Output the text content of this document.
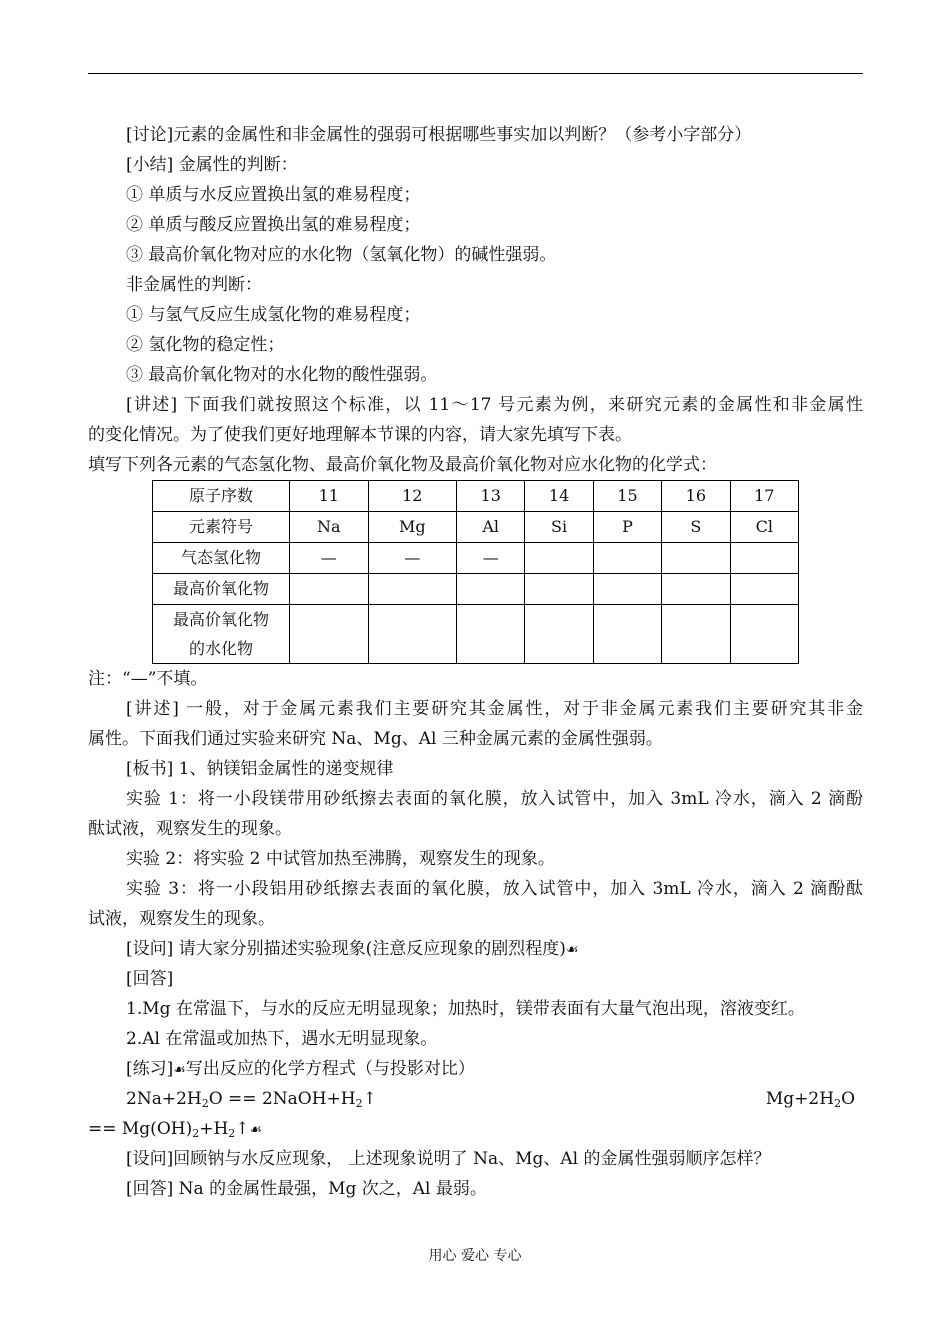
[讨论]元素的金属性和非金属性的强弱可根据哪些事实加以判断？（参考小字部分）
[小结] 金属性的判断：
① 单质与水反应置换出氢的难易程度；
② 单质与酸反应置换出氢的难易程度；
③ 最高价氧化物对应的水化物（氢氧化物）的碱性强弱。
非金属性的判断：
① 与氢气反应生成氢化物的难易程度；
② 氢化物的稳定性；
③ 最高价氧化物对的水化物的酸性强弱。
[讲述] 下面我们就按照这个标准，以 11～17 号元素为例，来研究元素的金属性和非金属性
的变化情况。为了使我们更好地理解本节课的内容，请大家先填写下表。
填写下列各元素的气态氢化物、最高价氧化物及最高价氧化物对应水化物的化学式：
原子序数	11	12	13	14	15	16	17
元素符号	Na	Mg	Al	Si	P	S	Cl
气态氢化物	—	—	—				
最高价氧化物							

最高价氧化物
的水化物							

注：“—”不填。
[讲述] 一般，对于金属元素我们主要研究其金属性，对于非金属元素我们主要研究其非金
属性。下面我们通过实验来研究 Na、Mg、Al 三种金属元素的金属性强弱。
[板书] 1、钠镁铝金属性的递变规律
实验 1：将一小段镁带用砂纸擦去表面的氧化膜，放入试管中，加入 3mL 冷水，滴入 2 滴酚
酞试液，观察发生的现象。
实验 2：将实验 2 中试管加热至沸腾，观察发生的现象。
实验 3：将一小段铝用砂纸擦去表面的氧化膜，放入试管中，加入 3mL 冷水，滴入 2 滴酚酞
试液，观察发生的现象。
[设问] 请大家分别描述实验现象(注意反应现象的剧烈程度)☙
[回答]
1.Mg 在常温下，与水的反应无明显现象；加热时，镁带表面有大量气泡出现，溶液变红。
2.Al 在常温或加热下，遇水无明显现象。
[练习]☙写出反应的化学方程式（与投影对比）
$2Na+2H_2O$ == $2NaOH+H_2↑$	$Mg+2H_2O$
== $Mg(OH)_2+H_2↑☙$
[设问]回顾钠与水反应现象， 上述现象说明了 Na、Mg、Al 的金属性强弱顺序怎样？
[回答] Na 的金属性最强，Mg 次之，Al 最弱。
用心 爱心 专心
